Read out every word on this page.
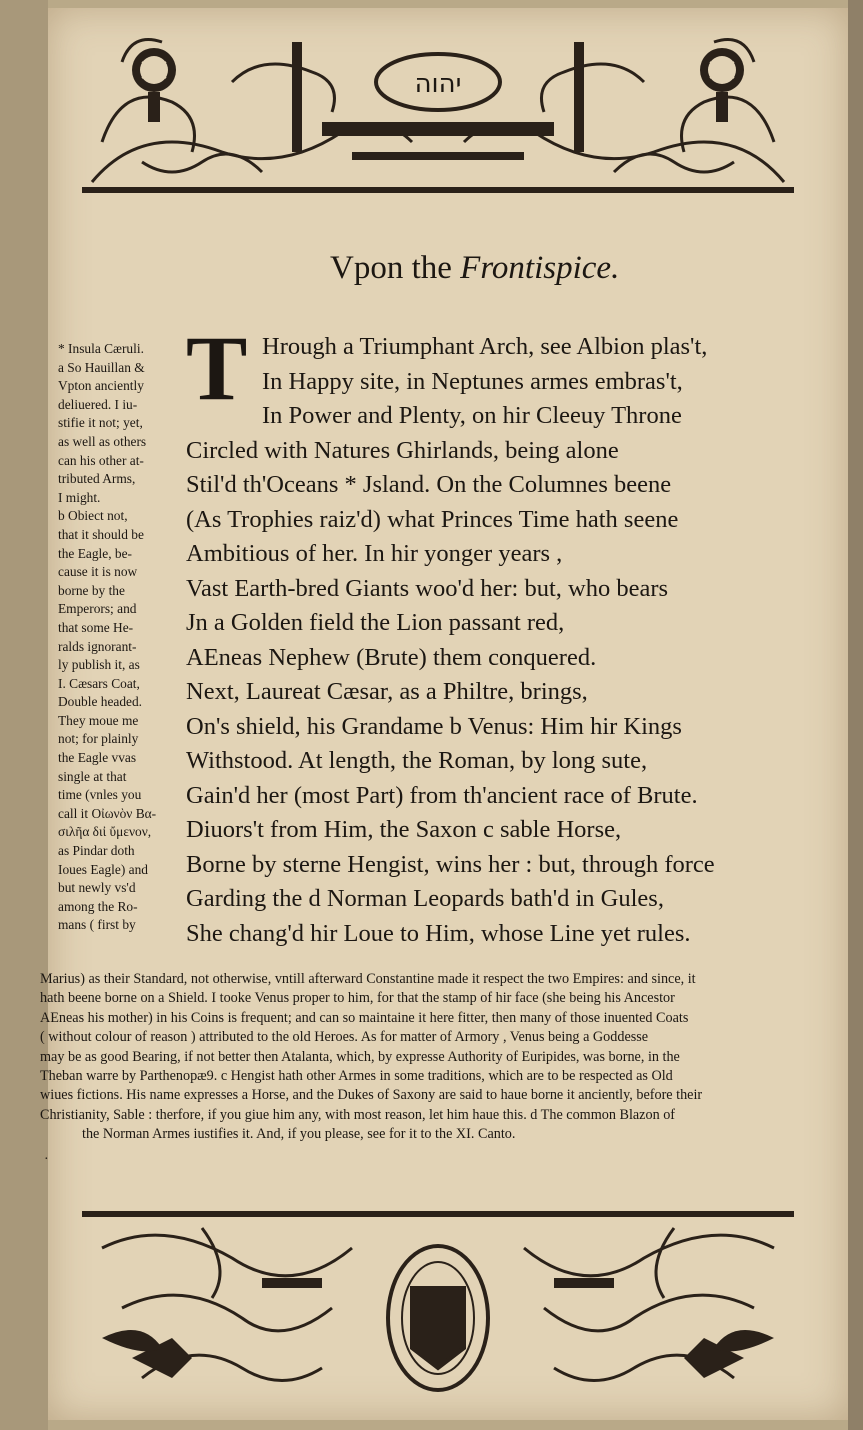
יהוה
Vpon the Frontispice.
* Insula Cæruli.
a So Hauillan &
Vpton anciently
deliuered. I iu-
stifie it not; yet,
as well as others
can his other at-
tributed Arms,
I might.
b Obiect not,
that it should be
the Eagle, be-
cause it is now
borne by the
Emperors; and
that some He-
ralds ignorant-
ly publish it, as
I. Cæsars Coat,
Double headed.
They moue me
not; for plainly
the Eagle vvas
single at that
time (vnles you
call it Οἰωνὸν Βα-
σιλῆα διἰ ὔμενον,
as Pindar doth
Ioues Eagle) and
but newly vs'd
among the Ro-
mans ( first by
T Hrough a Triumphant Arch, see Albion plas't,
In Happy site, in Neptunes armes embras't,
In Power and Plenty, on hir Cleeuy Throne
Circled with Natures Ghirlands, being alone
Stil'd th'Oceans * Jsland. On the Columnes beene
(As Trophies raiz'd) what Princes Time hath seene
Ambitious of her. In hir yonger years ,
Vast Earth-bred Giants woo'd her: but, who bears
Jn a Golden field the Lion passant red,
AEneas Nephew (Brute) them conquered.
Next, Laureat Cæsar, as a Philtre, brings,
On's shield, his Grandame b Venus: Him hir Kings
Withstood. At length, the Roman, by long sute,
Gain'd her (most Part) from th'ancient race of Brute.
Diuors't from Him, the Saxon c sable Horse,
Borne by sterne Hengist, wins her : but, through force
Garding the d Norman Leopards bath'd in Gules,
She chang'd hir Loue to Him, whose Line yet rules.
Marius) as their Standard, not otherwise, vntill afterward Constantine made it respect the two Empires: and since, it
hath beene borne on a Shield. I tooke Venus proper to him, for that the stamp of hir face (she being his Ancestor
AEneas his mother) in his Coins is frequent; and can so maintaine it here fitter, then many of those inuented Coats
( without colour of reason ) attributed to the old Heroes. As for matter of Armory , Venus being a Goddesse
may be as good Bearing, if not better then Atalanta, which, by expresse Authority of Euripides, was borne, in the
Theban warre by Parthenopæ9. c Hengist hath other Armes in some traditions, which are to be respected as Old
wiues fictions. His name expresses a Horse, and the Dukes of Saxony are said to haue borne it anciently, before their
Christianity, Sable : therfore, if you giue him any, with most reason, let him haue this. d The common Blazon of
the Norman Armes iustifies it. And, if you please, see for it to the XI. Canto.
·
